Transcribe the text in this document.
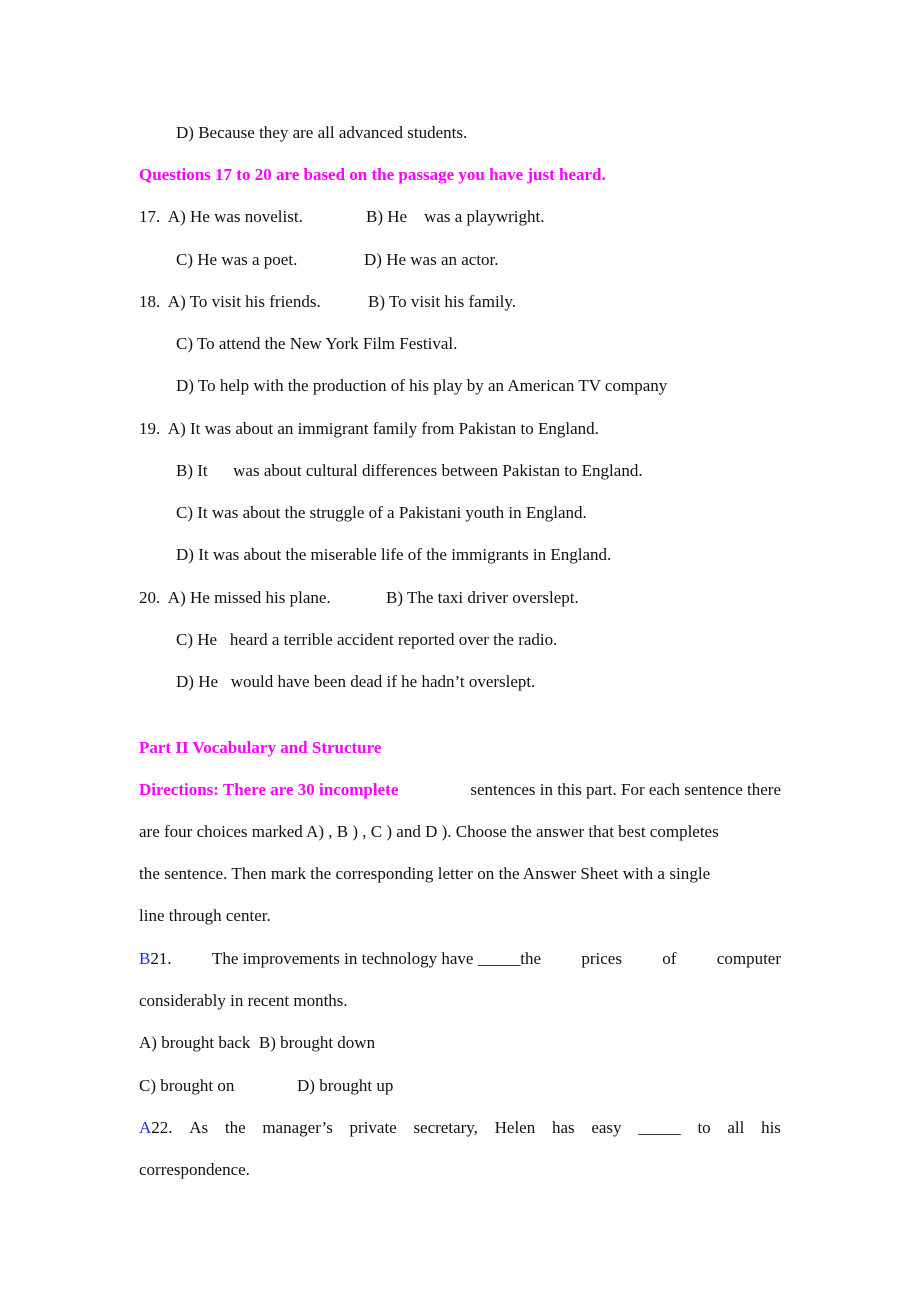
D) Because they are all advanced students.
Questions 17 to 20 are based on the passage you have just heard.
17.  A) He was novelist.	B) He    was a playwright.
C) He was a poet.	D) He was an actor.
18.  A) To visit his friends.	B) To visit his family.
C) To attend the New York Film Festival.
D) To help with the production of his play by an American TV company
19.  A) It was about an immigrant family from Pakistan to England.
B) It      was about cultural differences between Pakistan to England.
C) It was about the struggle of a Pakistani youth in England.
D) It was about the miserable life of the immigrants in England.
20.  A) He missed his plane.	B) The taxi driver overslept.
C) He   heard a terrible accident reported over the radio.
D) He   would have been dead if he hadn’t overslept.
Part II Vocabulary and Structure
Directions: There are 30 incomplete	sentences in this part. For each sentence there
are four choices marked A) , B ) , C ) and D ). Choose the answer that best completes
the sentence. Then mark the corresponding letter on the Answer Sheet with a single
line through center.
B21. The improvements in technology have _____the prices of computer
considerably in recent months.
A) brought back  B) brought down
C) brought on	D) brought up
A22. As the manager’s private secretary, Helen has easy _____ to all his
correspondence.
